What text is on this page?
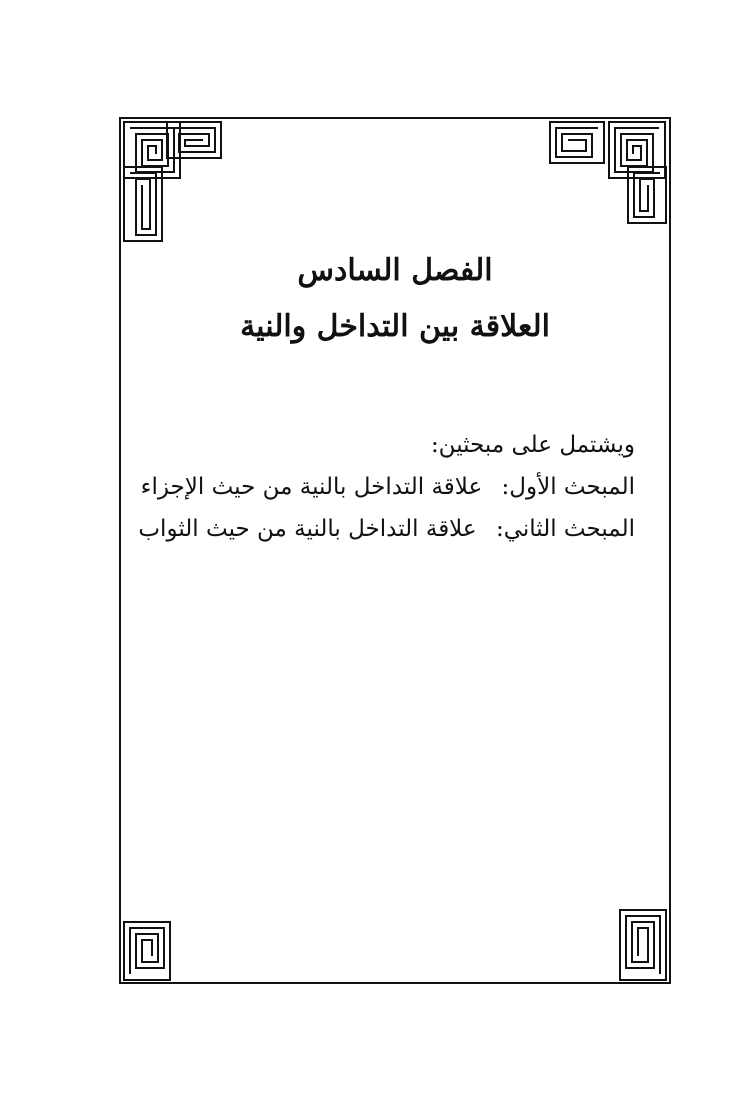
الفصل السادس
العلاقة بين التداخل والنية
ويشتمل على مبحثين:
المبحث الأول: علاقة التداخل بالنية من حيث الإجزاء
المبحث الثاني: علاقة التداخل بالنية من حيث الثواب
